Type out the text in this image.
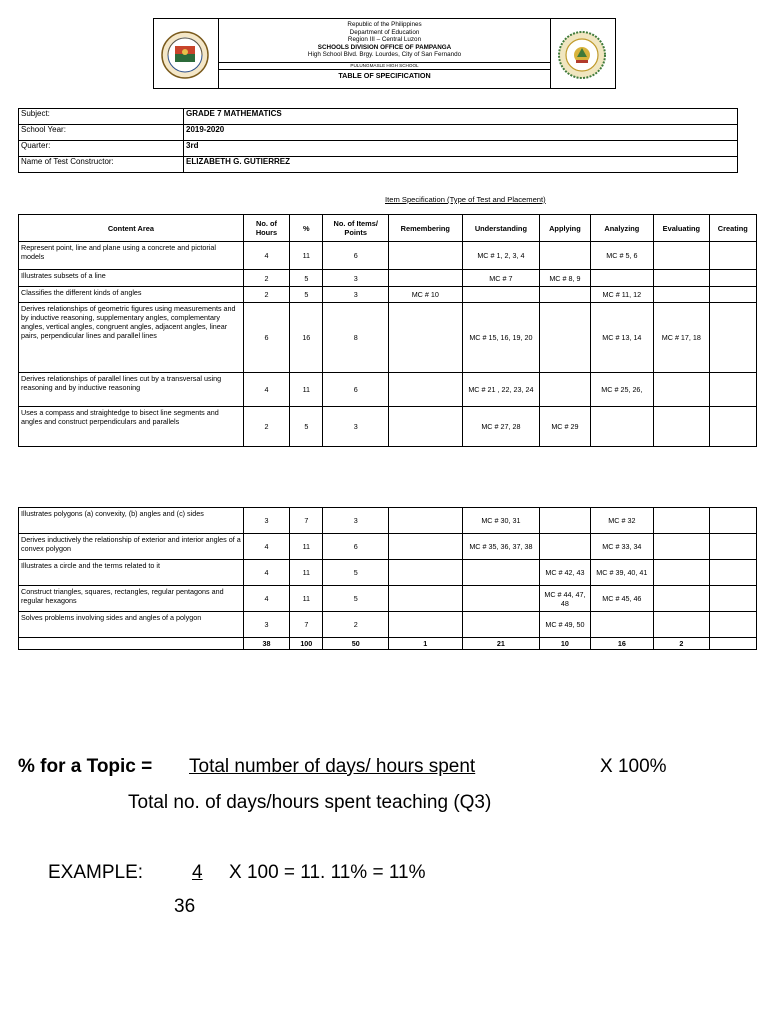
Republic of the Philippines
Department of Education
Region III – Central Luzon
SCHOOLS DIVISION OFFICE OF PAMPANGA
High School Blvd. Brgy. Lourdes, City of San Fernando
PULUNGMASLE HIGH SCHOOL
TABLE OF SPECIFICATION
Subject:	GRADE 7 MATHEMATICS
School Year:	2019-2020
Quarter:	3rd
Name of Test Constructor:	ELIZABETH G. GUTIERREZ
Item Specification (Type of Test and Placement)
Content Area	No. of Hours	%	No. of Items/ Points	Remembering	Understanding	Applying	Analyzing	Evaluating	Creating
Represent point, line and plane using a concrete and pictorial models	4	11	6		MC # 1, 2, 3, 4		MC # 5, 6		
Illustrates subsets of a line	2	5	3		MC # 7	MC # 8, 9			
Classifies the different kinds of angles	2	5	3	MC # 10			MC # 11, 12		
Derives relationships of geometric figures using measurements and by inductive reasoning, supplementary angles, complementary angles, vertical angles, congruent angles, adjacent angles, linear pairs, perpendicular lines and parallel lines	6	16	8		MC # 15, 16, 19, 20		MC # 13, 14	MC # 17, 18	
Derives relationships of parallel lines cut by a transversal using reasoning and by inductive reasoning	4	11	6		MC # 21 , 22, 23, 24		MC # 25, 26,		
Uses a compass and straightedge to bisect line segments and angles and construct perpendiculars and parallels	2	5	3		MC # 27, 28	MC # 29			
Illustrates polygons (a) convexity, (b) angles and (c) sides	3	7	3		MC # 30, 31		MC # 32		
Derives inductively the relationship of exterior and interior angles of a convex polygon	4	11	6		MC # 35, 36, 37, 38		MC # 33, 34		
Illustrates a circle and the terms related to it	4	11	5			MC # 42, 43	MC # 39, 40, 41		
Construct triangles, squares, rectangles, regular pentagons and regular hexagons	4	11	5			MC # 44, 47, 48	MC # 45, 46		
Solves problems involving sides and angles of a polygon	3	7	2			MC # 49, 50			
	38	100	50	1	21	10	16	2	
% for a Topic = Total number of days/ hours spent	X 100%
Total no. of days/hours spent teaching (Q3)
EXAMPLE:	4 X 100 = 11. 11% = 11%
36
